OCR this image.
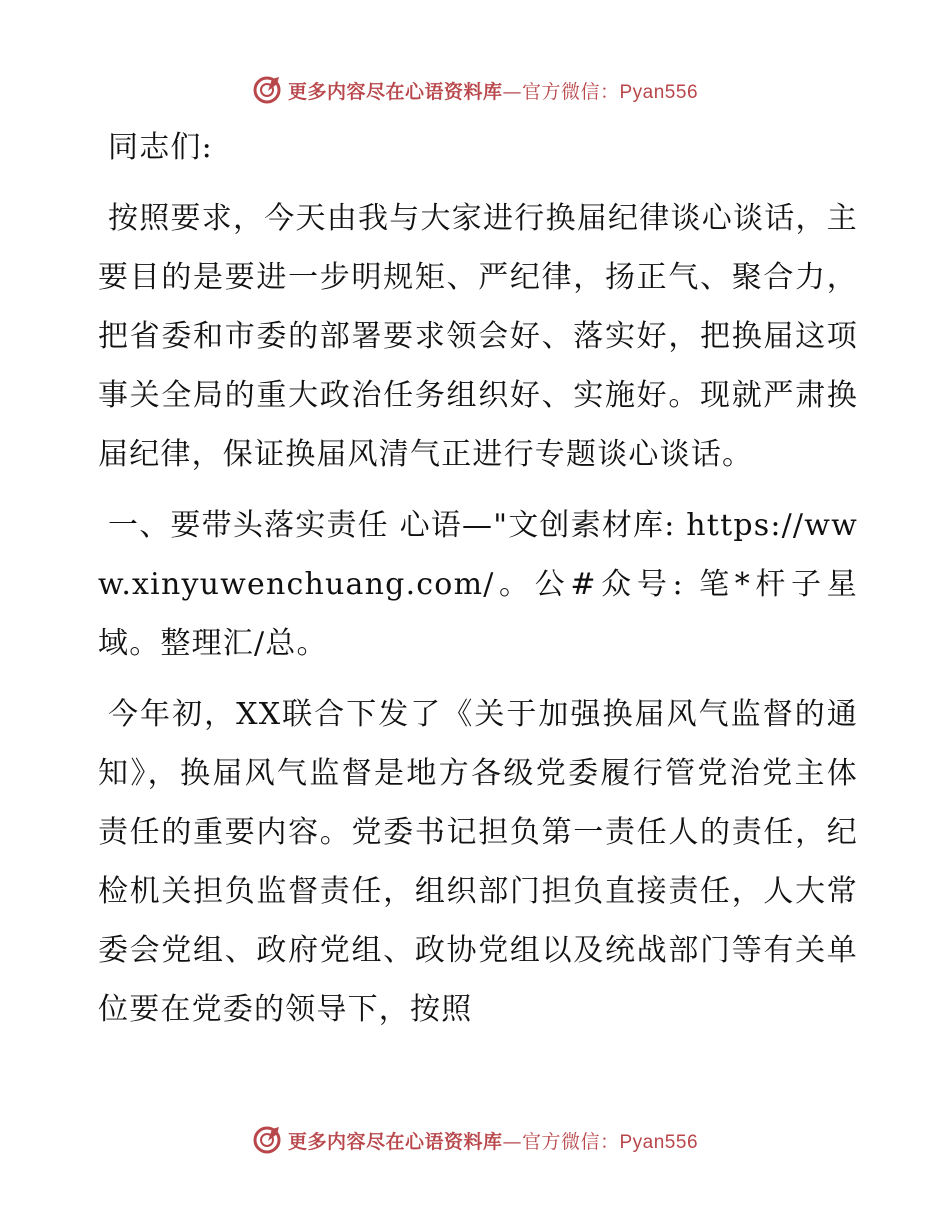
更多内容尽在心语资料库—官方微信：Pyan556

同志们:

按照要求，今天由我与大家进行换届纪律谈心谈话，主要目的是要进一步明规矩、严纪律，扬正气、聚合力，把省委和市委的部署要求领会好、落实好，把换届这项事关全局的重大政治任务组织好、实施好。现就严肃换届纪律，保证换届风清气正进行专题谈心谈话。

一、要带头落实责任 心语—"文创素材库: https://www.xinyuwenchuang.com/。公#众号: 笔*杆子星域。整理汇/总。

今年初，XX联合下发了《关于加强换届风气监督的通知》，换届风气监督是地方各级党委履行管党治党主体责任的重要内容。党委书记担负第一责任人的责任，纪检机关担负监督责任，组织部门担负直接责任，人大常委会党组、政府党组、政协党组以及统战部门等有关单位要在党委的领导下，按照

更多内容尽在心语资料库—官方微信：Pyan556
